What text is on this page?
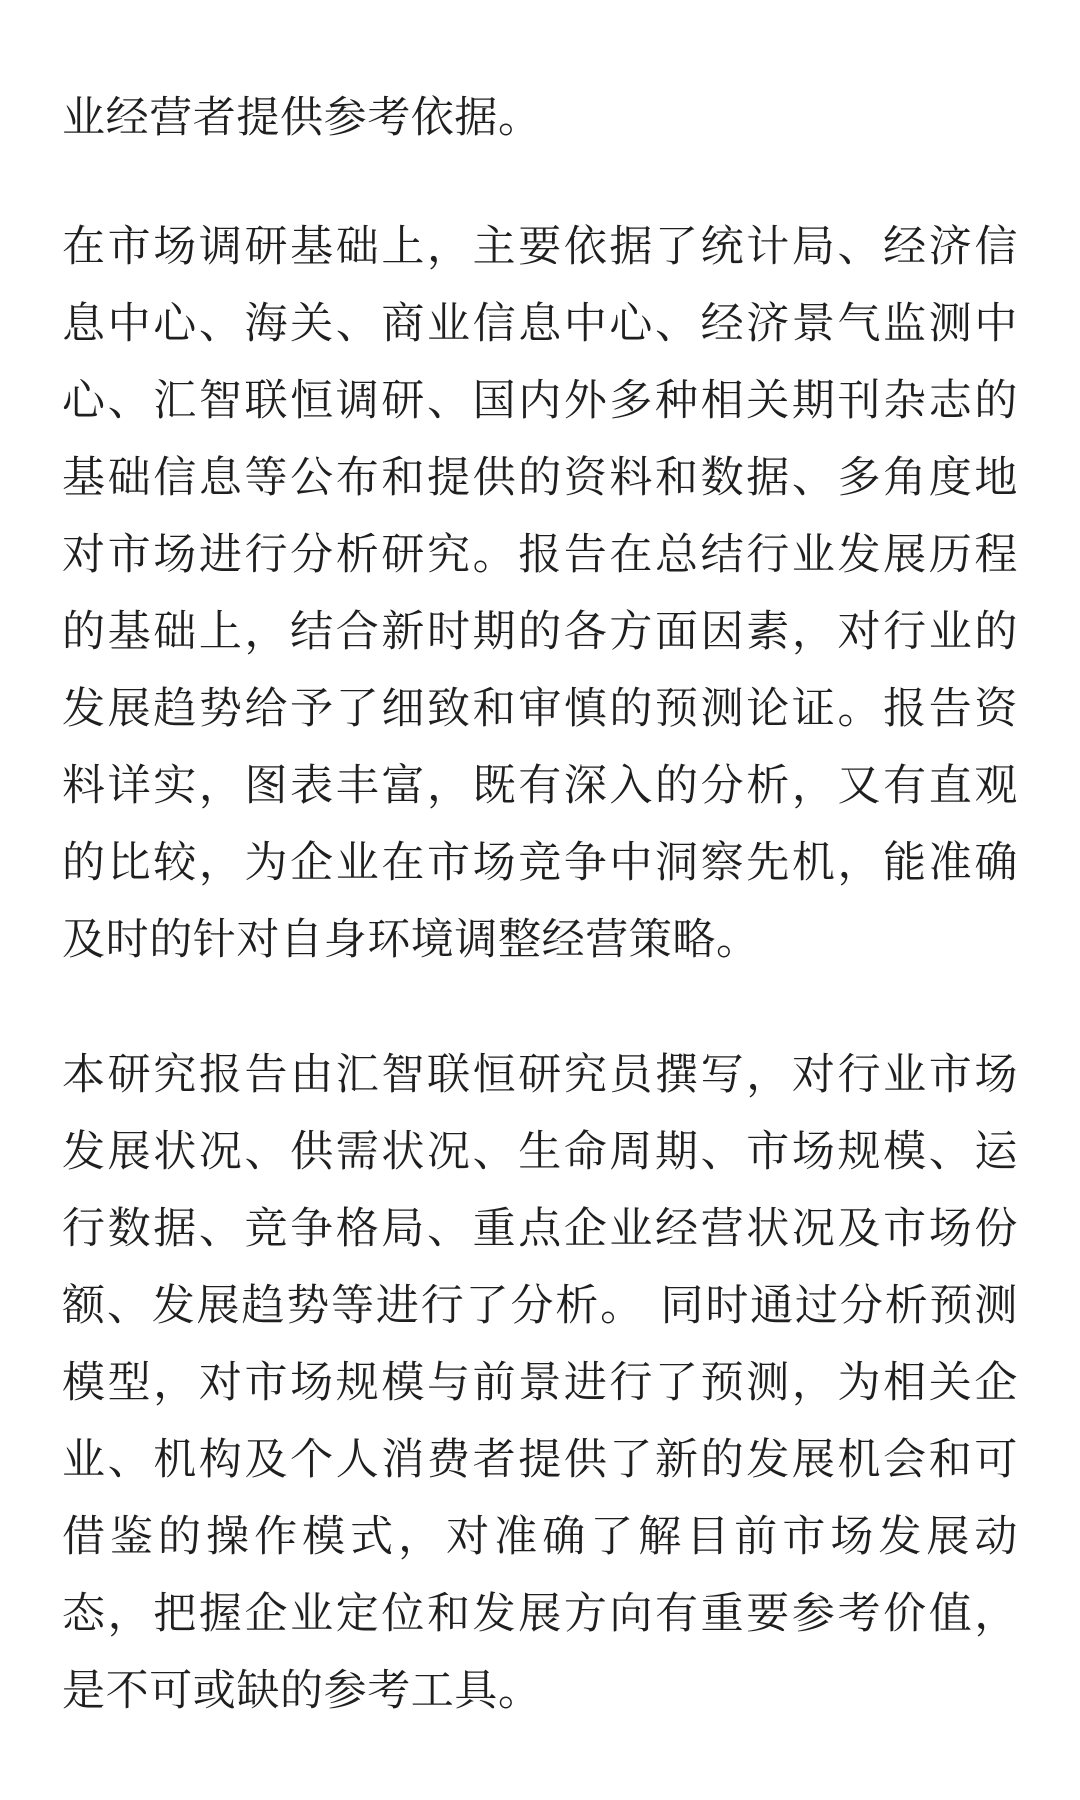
业经营者提供参考依据。

在市场调研基础上，主要依据了统计局、经济信息中心、海关、商业信息中心、经济景气监测中心、汇智联恒调研、国内外多种相关期刊杂志的基础信息等公布和提供的资料和数据、多角度地对市场进行分析研究。报告在总结行业发展历程的基础上，结合新时期的各方面因素，对行业的发展趋势给予了细致和审慎的预测论证。报告资料详实，图表丰富，既有深入的分析，又有直观的比较，为企业在市场竞争中洞察先机，能准确及时的针对自身环境调整经营策略。

本研究报告由汇智联恒研究员撰写，对行业市场发展状况、供需状况、生命周期、市场规模、运行数据、竞争格局、重点企业经营状况及市场份额、发展趋势等进行了分析。 同时通过分析预测模型，对市场规模与前景进行了预测，为相关企业、机构及个人消费者提供了新的发展机会和可借鉴的操作模式，对准确了解目前市场发展动态，把握企业定位和发展方向有重要参考价值，是不可或缺的参考工具。
